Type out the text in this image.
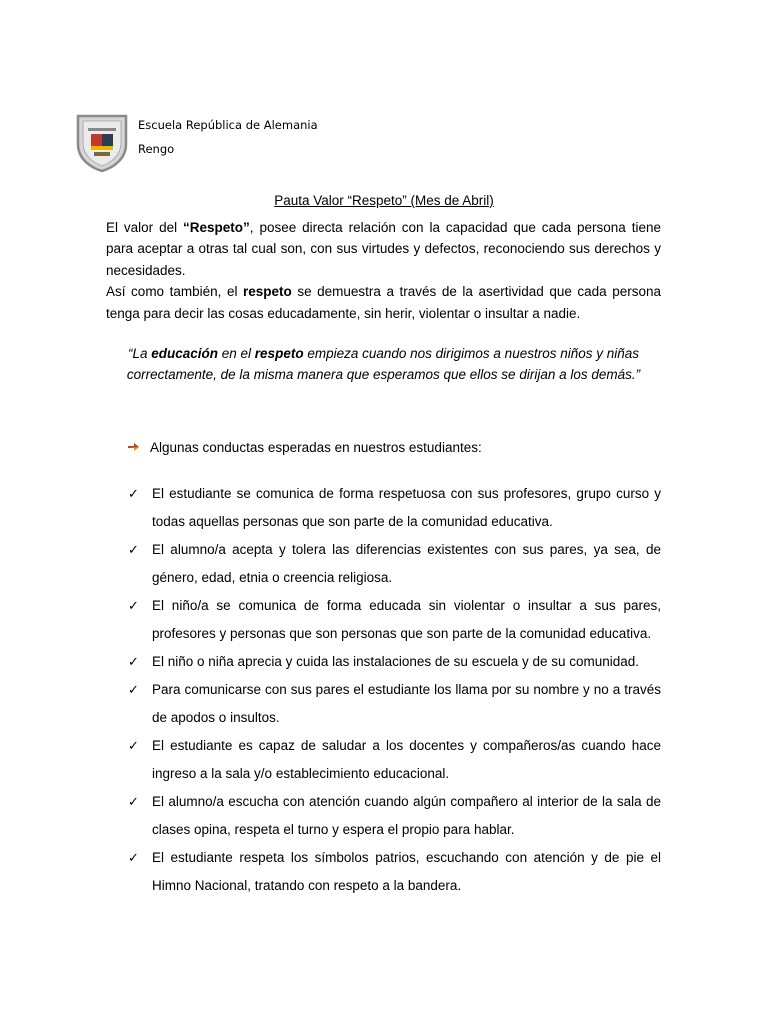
Escuela República de Alemania
Rengo
Pauta Valor “Respeto” (Mes de Abril)

El valor del “Respeto”, posee directa relación con la capacidad que cada persona tiene para aceptar a otras tal cual son, con sus virtudes y defectos, reconociendo sus derechos y necesidades.

Así como también, el respeto se demuestra a través de la asertividad que cada persona tenga para decir las cosas educadamente, sin herir, violentar o insultar a nadie.

“La educación en el respeto empieza cuando nos dirigimos a nuestros niños y niñas correctamente, de la misma manera que esperamos que ellos se dirijan a los demás.”
Algunas conductas esperadas en nuestros estudiantes:
✓ El estudiante se comunica de forma respetuosa con sus profesores, grupo curso y todas aquellas personas que son parte de la comunidad educativa.
✓ El alumno/a acepta y tolera las diferencias existentes con sus pares, ya sea, de género, edad, etnia o creencia religiosa.
✓ El niño/a se comunica de forma educada sin violentar o insultar a sus pares, profesores y personas que son personas que son parte de la comunidad educativa.
✓ El niño o niña aprecia y cuida las instalaciones de su escuela y de su comunidad.
✓ Para comunicarse con sus pares el estudiante los llama por su nombre y no a través de apodos o insultos.
✓ El estudiante es capaz de saludar a los docentes y compañeros/as cuando hace ingreso a la sala y/o establecimiento educacional.
✓ El alumno/a escucha con atención cuando algún compañero al interior de la sala de clases opina, respeta el turno y espera el propio para hablar.
✓ El estudiante respeta los símbolos patrios, escuchando con atención y de pie el Himno Nacional, tratando con respeto a la bandera.
